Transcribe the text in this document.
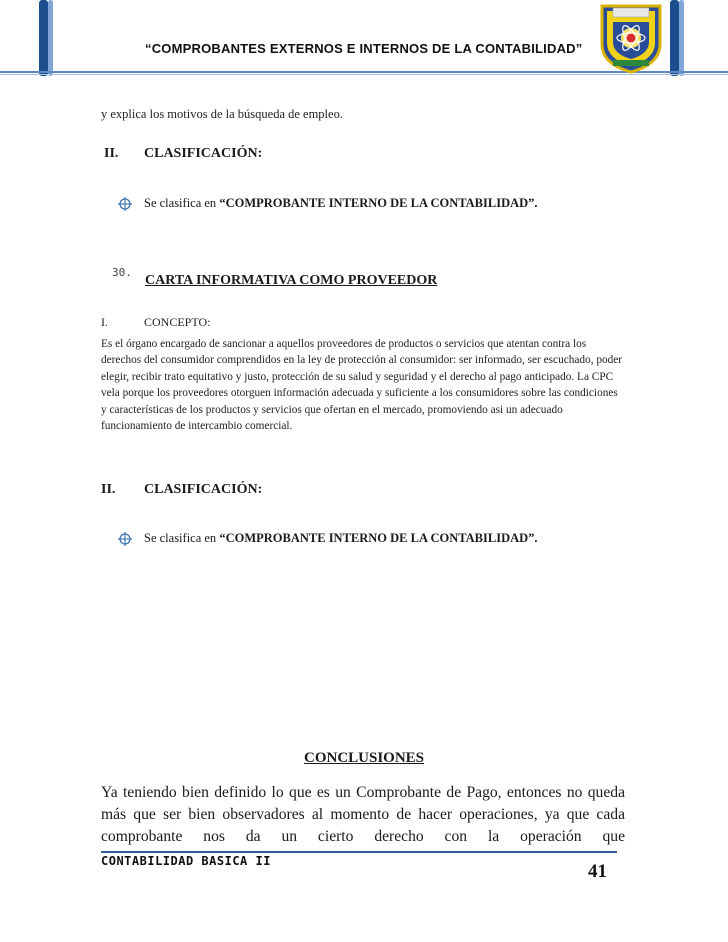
“COMPROBANTES EXTERNOS E INTERNOS DE LA CONTABILIDAD”
y explica los motivos de la búsqueda de empleo.
II. CLASIFICACIÓN:
Se clasifica en “COMPROBANTE INTERNO DE LA CONTABILIDAD”.
30.
CARTA INFORMATIVA COMO PROVEEDOR
I.	CONCEPTO:
Es el órgano encargado de sancionar a aquellos proveedores de productos o servicios que atentan contra los derechos del consumidor comprendidos en la ley de protección al consumidor: ser informado, ser escuchado, poder elegir, recibir trato equitativo y justo, protección de su salud y seguridad y el derecho al pago anticipado. La CPC vela porque los proveedores otorguen información adecuada y suficiente a los consumidores sobre las condiciones y características de los productos y servicios que ofertan en el mercado, promoviendo asi un adecuado funcionamiento de intercambio comercial.
II. CLASIFICACIÓN:
Se clasifica en “COMPROBANTE INTERNO DE LA CONTABILIDAD”.
CONCLUSIONES
Ya teniendo bien definido lo que es un Comprobante de Pago, entonces no queda más que ser bien observadores al momento de hacer operaciones, ya que cada comprobante nos da un cierto derecho con la operación que
CONTABILIDAD BASICA II	41
